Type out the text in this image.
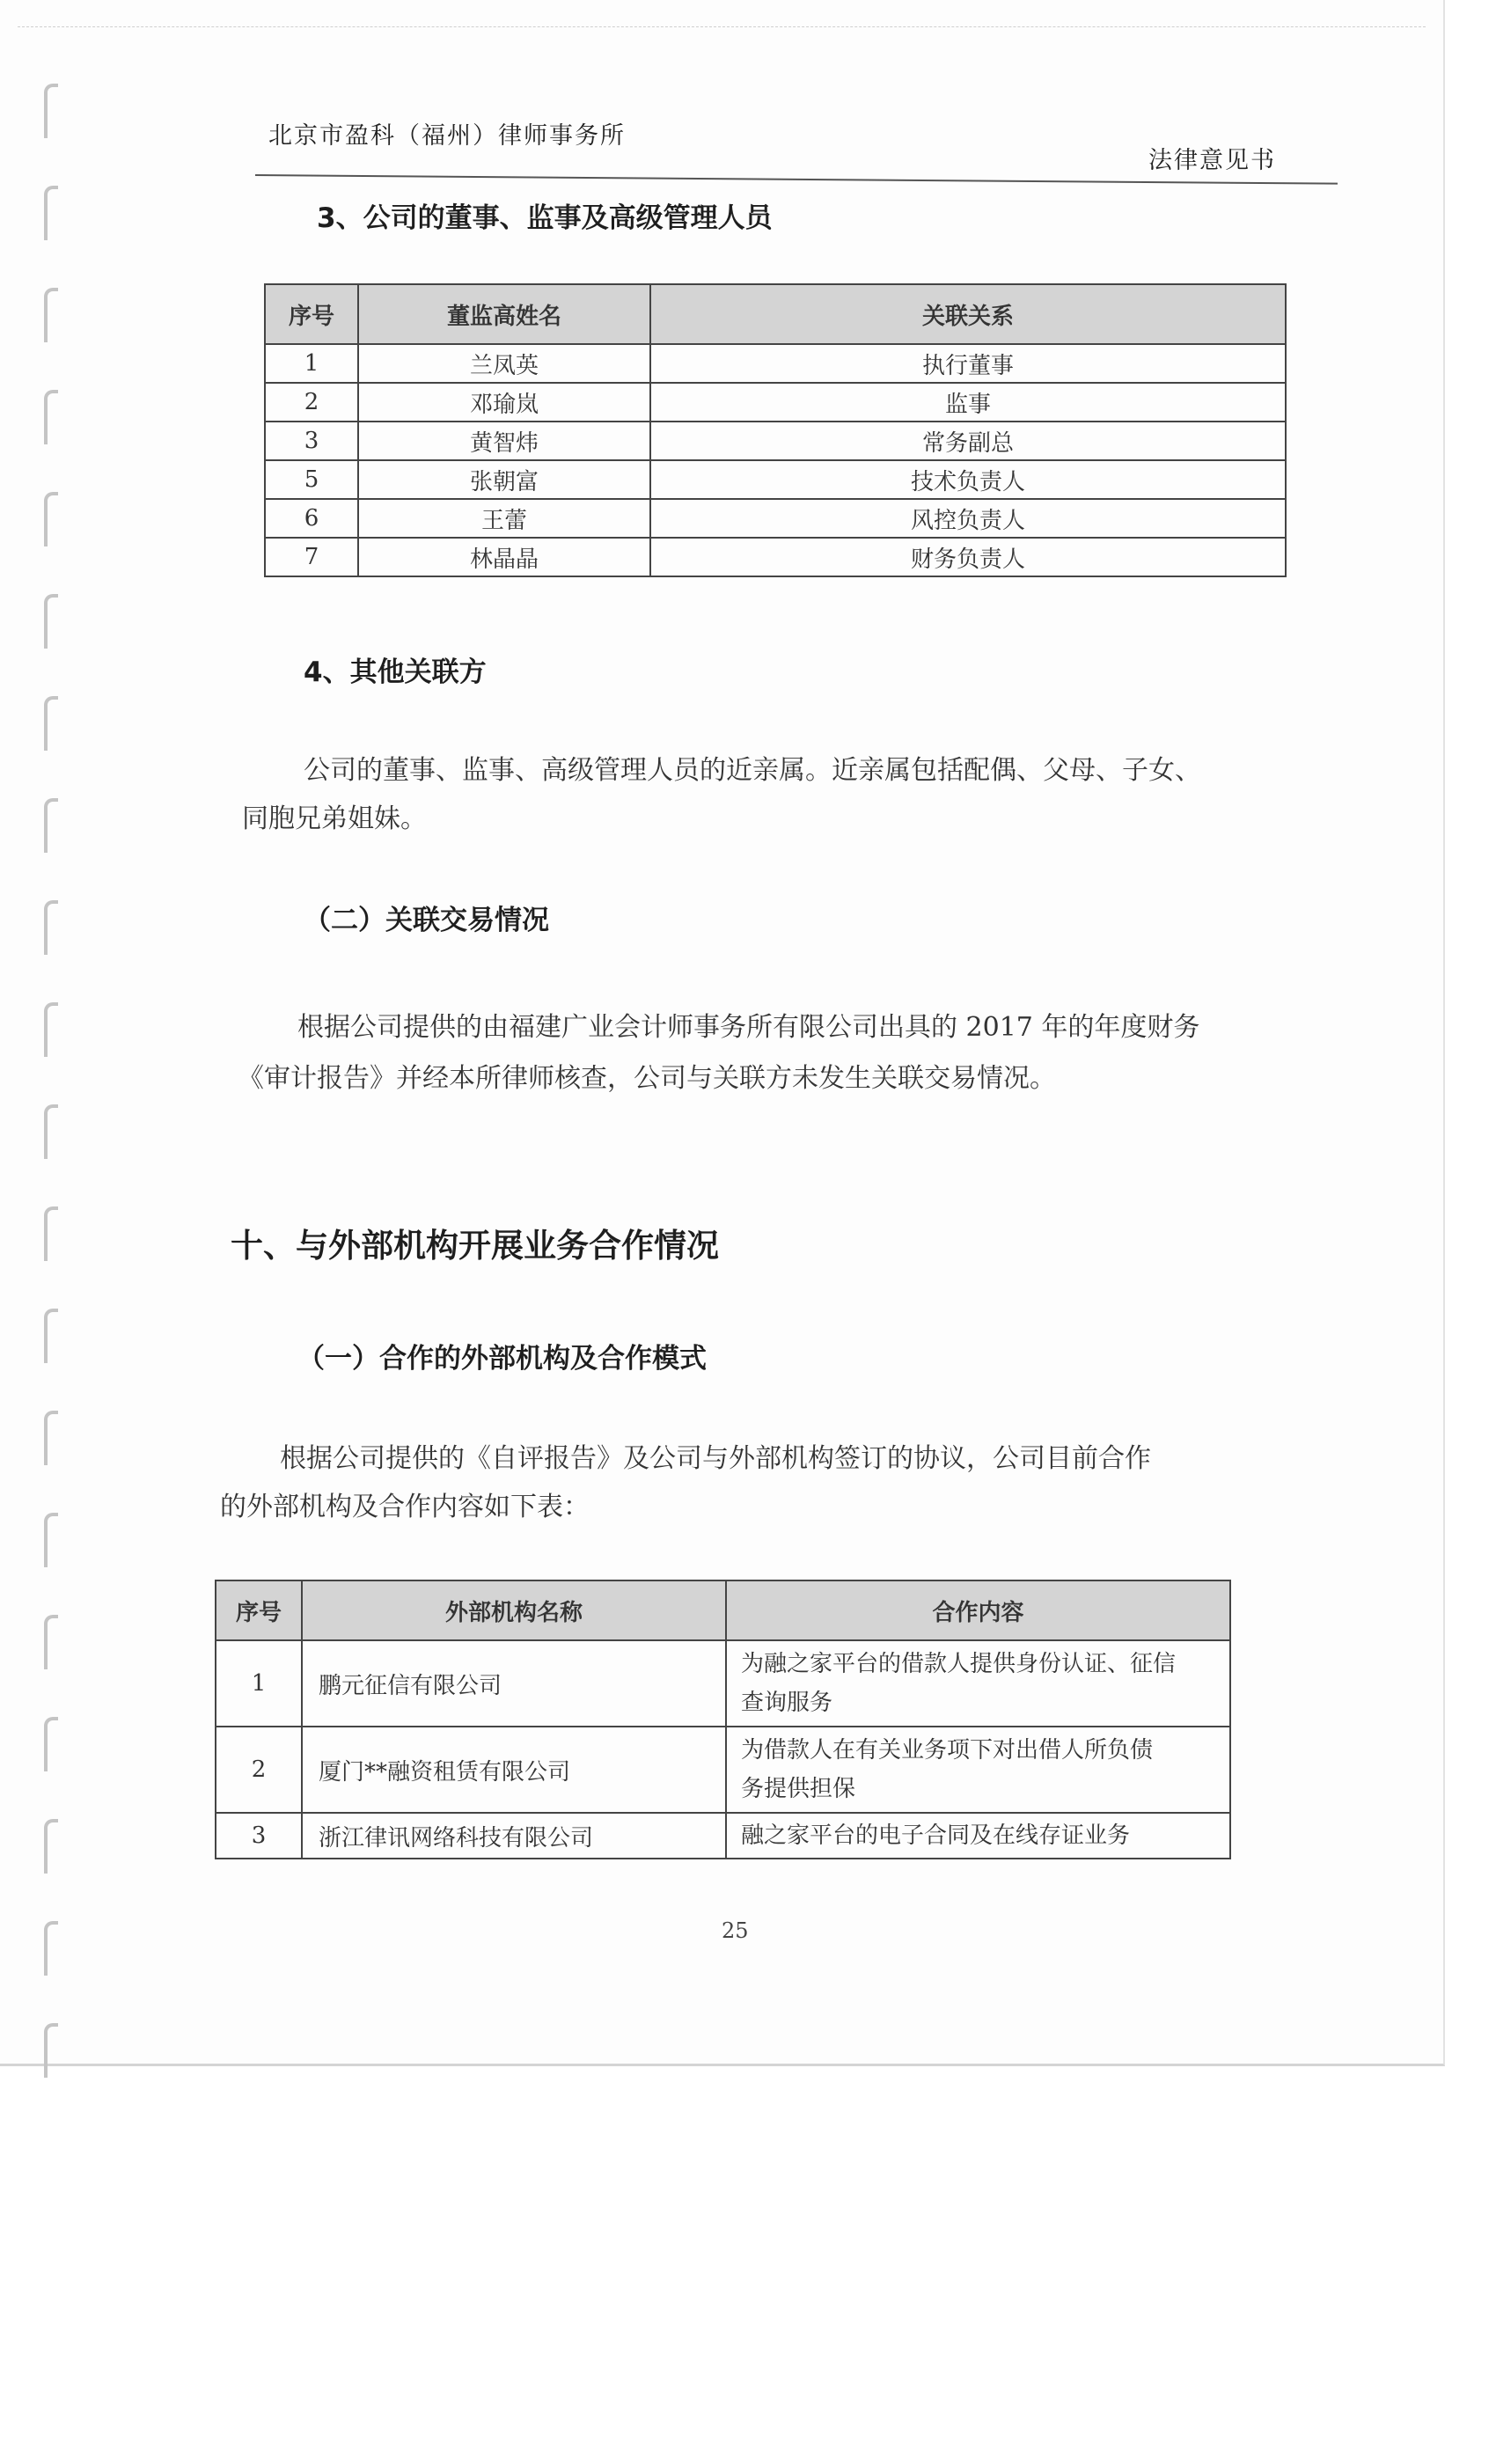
北京市盈科（福州）律师事务所
法律意见书
3、公司的董事、监事及高级管理人员
序号	董监高姓名	关联关系
1	兰凤英	执行董事
2	邓瑜岚	监事
3	黄智炜	常务副总
5	张朝富	技术负责人
6	王蕾	风控负责人
7	林晶晶	财务负责人
4、其他关联方
公司的董事、监事、高级管理人员的近亲属。近亲属包括配偶、父母、子女、
同胞兄弟姐妹。
（二）关联交易情况
根据公司提供的由福建广业会计师事务所有限公司出具的 2017 年的年度财务
《审计报告》并经本所律师核查，公司与关联方未发生关联交易情况。
十、与外部机构开展业务合作情况
（一）合作的外部机构及合作模式
根据公司提供的《自评报告》及公司与外部机构签订的协议，公司目前合作
的外部机构及合作内容如下表：
序号	外部机构名称	合作内容
1	鹏元征信有限公司	为融之家平台的借款人提供身份认证、征信
查询服务

2	厦门**融资租赁有限公司	为借款人在有关业务项下对出借人所负债
务提供担保

3	浙江律讯网络科技有限公司	融之家平台的电子合同及在线存证业务
25
